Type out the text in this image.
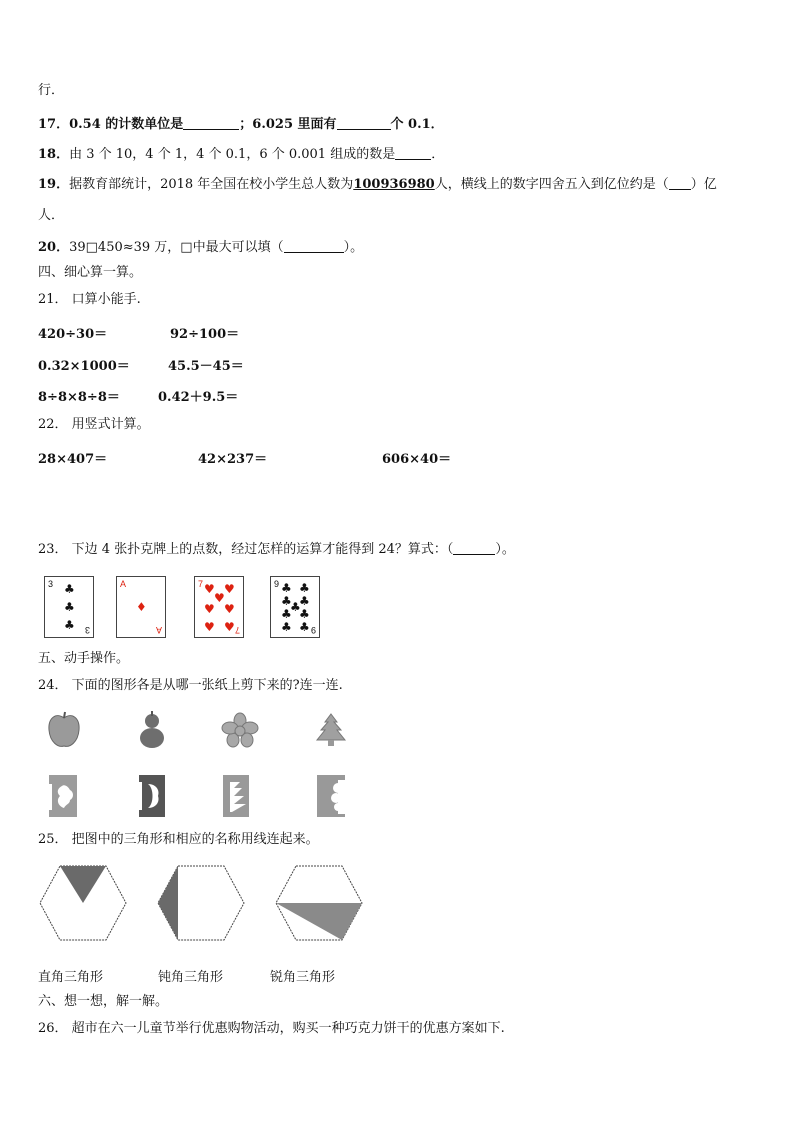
行．
17．0.54 的计数单位是	；6.025 里面有	个 0.1．
18．由 3 个 10，4 个 1，4 个 0.1，6 个 0.001 组成的数是	．
19．据教育部统计，2018 年全国在校小学生总人数为100936980人，横线上的数字四舍五入到亿位约是（ ）亿
人．
20．39□450≈39 万，□中最大可以填（	）。
四、细心算一算。
21． 口算小能手.
420÷30＝	92÷100＝
0.32×1000＝	45.5－45＝
8÷8×8÷8＝	0.42＋9.5＝
22． 用竖式计算。
28×407＝	42×237＝	606×40＝
23． 下边 4 张扑克牌上的点数，经过怎样的运算才能得到 24？算式：（	）。
3 ♣
♣
♣ 3
A
♦
A
7 ♥ ♥
♥
♥ ♥
♥ ♥ 7
9 ♣ ♣
♣ ♣
♣
♣ ♣
♣ ♣ 9
五、动手操作。
24． 下面的图形各是从哪一张纸上剪下来的?连一连.
25． 把图中的三角形和相应的名称用线连起来。
直角三角形	钝角三角形	锐角三角形
六、想一想，解一解。
26． 超市在六一儿童节举行优惠购物活动，购买一种巧克力饼干的优惠方案如下.
